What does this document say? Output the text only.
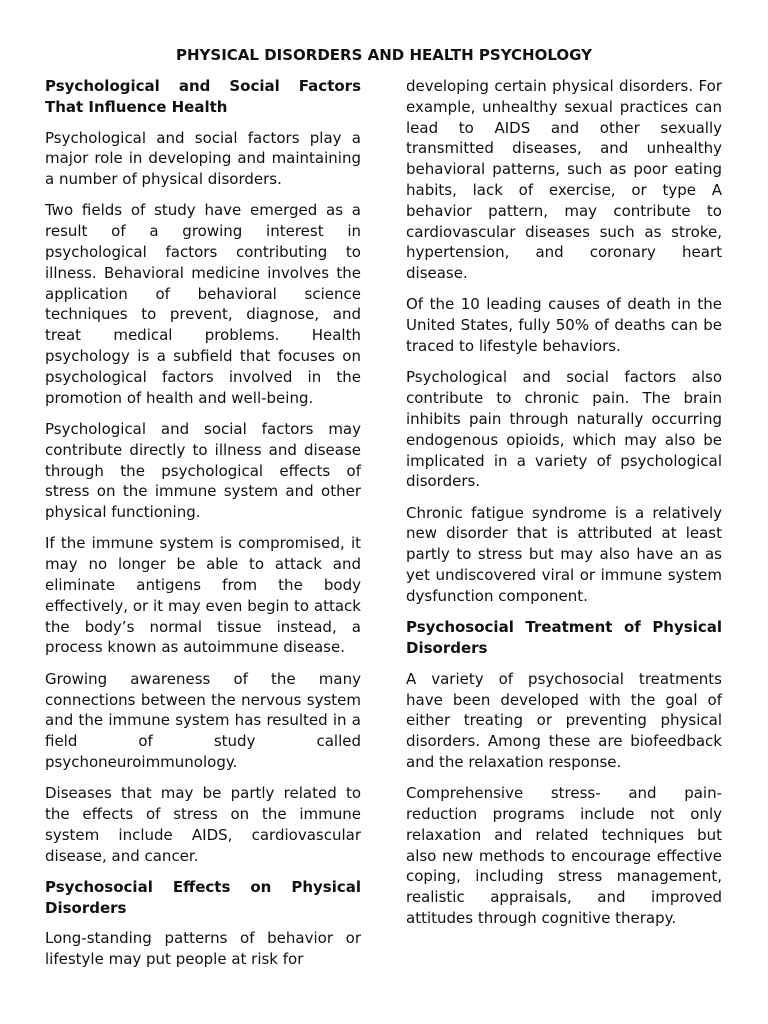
PHYSICAL DISORDERS AND HEALTH PSYCHOLOGY
Psychological and Social Factors That Influence Health

Psychological and social factors play a major role in developing and maintaining a number of physical disorders.

Two fields of study have emerged as a result of a growing interest in psychological factors contributing to illness. Behavioral medicine involves the application of behavioral science techniques to prevent, diagnose, and treat medical problems. Health psychology is a subfield that focuses on psychological factors involved in the promotion of health and well-being.

Psychological and social factors may contribute directly to illness and disease through the psychological effects of stress on the immune system and other physical functioning.

If the immune system is compromised, it may no longer be able to attack and eliminate antigens from the body effectively, or it may even begin to attack the body’s normal tissue instead, a process known as autoimmune disease.

Growing awareness of the many connections between the nervous system and the immune system has resulted in a field of study called psychoneuroimmunology.

Diseases that may be partly related to the effects of stress on the immune system include AIDS, cardiovascular disease, and cancer.

Psychosocial Effects on Physical Disorders

Long-standing patterns of behavior or lifestyle may put people at risk for

developing certain physical disorders. For example, unhealthy sexual practices can lead to AIDS and other sexually transmitted diseases, and unhealthy behavioral patterns, such as poor eating habits, lack of exercise, or type A behavior pattern, may contribute to cardiovascular diseases such as stroke, hypertension, and coronary heart disease.

Of the 10 leading causes of death in the United States, fully 50% of deaths can be traced to lifestyle behaviors.

Psychological and social factors also contribute to chronic pain. The brain inhibits pain through naturally occurring endogenous opioids, which may also be implicated in a variety of psychological disorders.

Chronic fatigue syndrome is a relatively new disorder that is attributed at least partly to stress but may also have an as yet undiscovered viral or immune system dysfunction component.

Psychosocial Treatment of Physical Disorders

A variety of psychosocial treatments have been developed with the goal of either treating or preventing physical disorders. Among these are biofeedback and the relaxation response.

Comprehensive stress- and pain-reduction programs include not only relaxation and related techniques but also new methods to encourage effective coping, including stress management, realistic appraisals, and improved attitudes through cognitive therapy.
